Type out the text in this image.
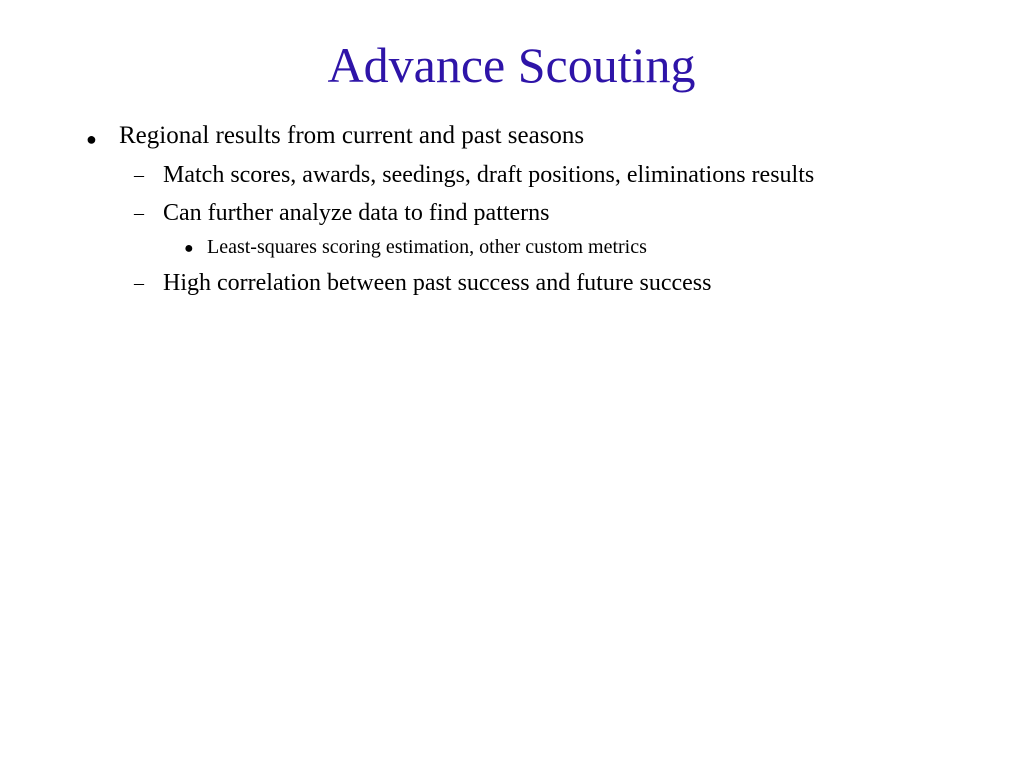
Advance Scouting
● Regional results from current and past seasons
– Match scores, awards, seedings, draft positions, eliminations results
– Can further analyze data to find patterns
● Least-squares scoring estimation, other custom metrics
– High correlation between past success and future success
